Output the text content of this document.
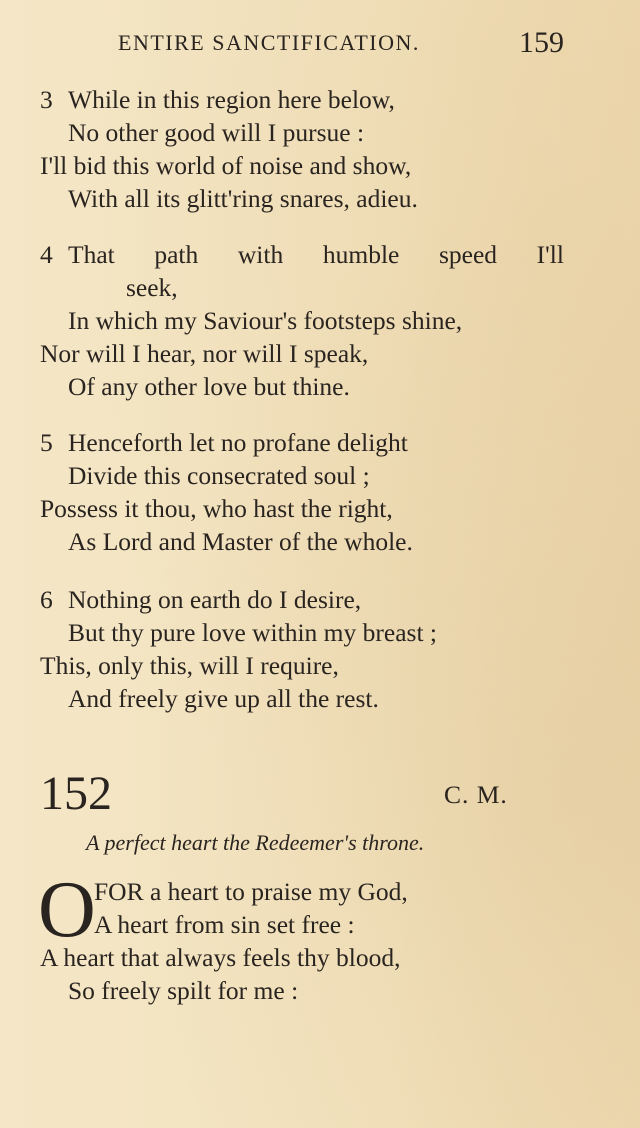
ENTIRE SANCTIFICATION.	159
3 While in this region here below,
No other good will I pursue :
I'll bid this world of noise and show,
With all its glitt'ring snares, adieu.
4 That path with humble speed I'll
seek,
In which my Saviour's footsteps shine,
Nor will I hear, nor will I speak,
Of any other love but thine.
5 Henceforth let no profane delight
Divide this consecrated soul ;
Possess it thou, who hast the right,
As Lord and Master of the whole.
6 Nothing on earth do I desire,
But thy pure love within my breast ;
This, only this, will I require,
And freely give up all the rest.
152	C. M.
A perfect heart the Redeemer's throne.
O
FOR a heart to praise my God,
A heart from sin set free :
A heart that always feels thy blood,
So freely spilt for me :
